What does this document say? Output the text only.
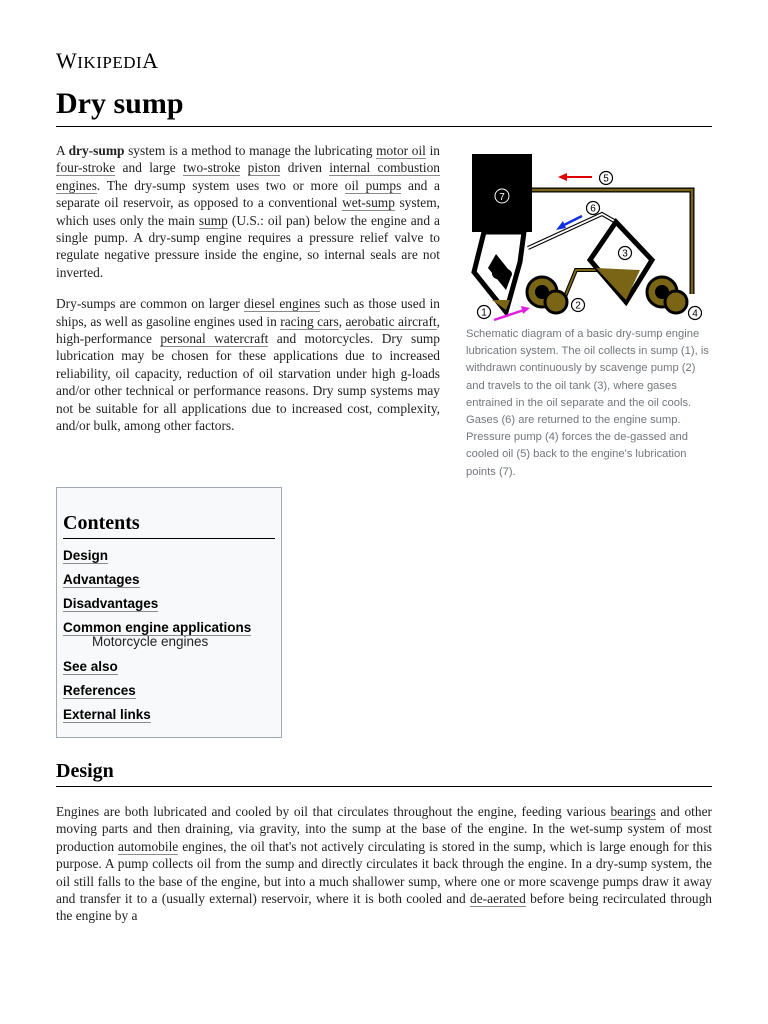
WIKIPEDIA
Dry sump

A dry-sump system is a method to manage the lubricating motor oil in four-stroke and large two-stroke piston driven internal combustion engines. The dry-sump system uses two or more oil pumps and a separate oil reservoir, as opposed to a conventional wet-sump system, which uses only the main sump (U.S.: oil pan) below the engine and a single pump. A dry-sump engine requires a pressure relief valve to regulate negative pressure inside the engine, so internal seals are not inverted.

Dry-sumps are common on larger diesel engines such as those used in ships, as well as gasoline engines used in racing cars, aerobatic aircraft, high-performance personal watercraft and motorcycles. Dry sump lubrication may be chosen for these applications due to increased reliability, oil capacity, reduction of oil starvation under high g-loads and/or other technical or performance reasons. Dry sump systems may not be suitable for all applications due to increased cost, complexity, and/or bulk, among other factors.

7
5
6
3
2
1	4
Schematic diagram of a basic dry-sump engine lubrication system. The oil collects in sump (1), is withdrawn continuously by scavenge pump (2) and travels to the oil tank (3), where gases entrained in the oil separate and the oil cools. Gases (6) are returned to the engine sump. Pressure pump (4) forces the de-gassed and cooled oil (5) back to the engine's lubrication points (7).
Contents
Design
Advantages
Disadvantages
Common engine applications
Motorcycle engines
See also
References
External links
Design

Engines are both lubricated and cooled by oil that circulates throughout the engine, feeding various bearings and other moving parts and then draining, via gravity, into the sump at the base of the engine. In the wet-sump system of most production automobile engines, the oil that's not actively circulating is stored in the sump, which is large enough for this purpose. A pump collects oil from the sump and directly circulates it back through the engine. In a dry-sump system, the oil still falls to the base of the engine, but into a much shallower sump, where one or more scavenge pumps draw it away and transfer it to a (usually external) reservoir, where it is both cooled and de-aerated before being recirculated through the engine by a
